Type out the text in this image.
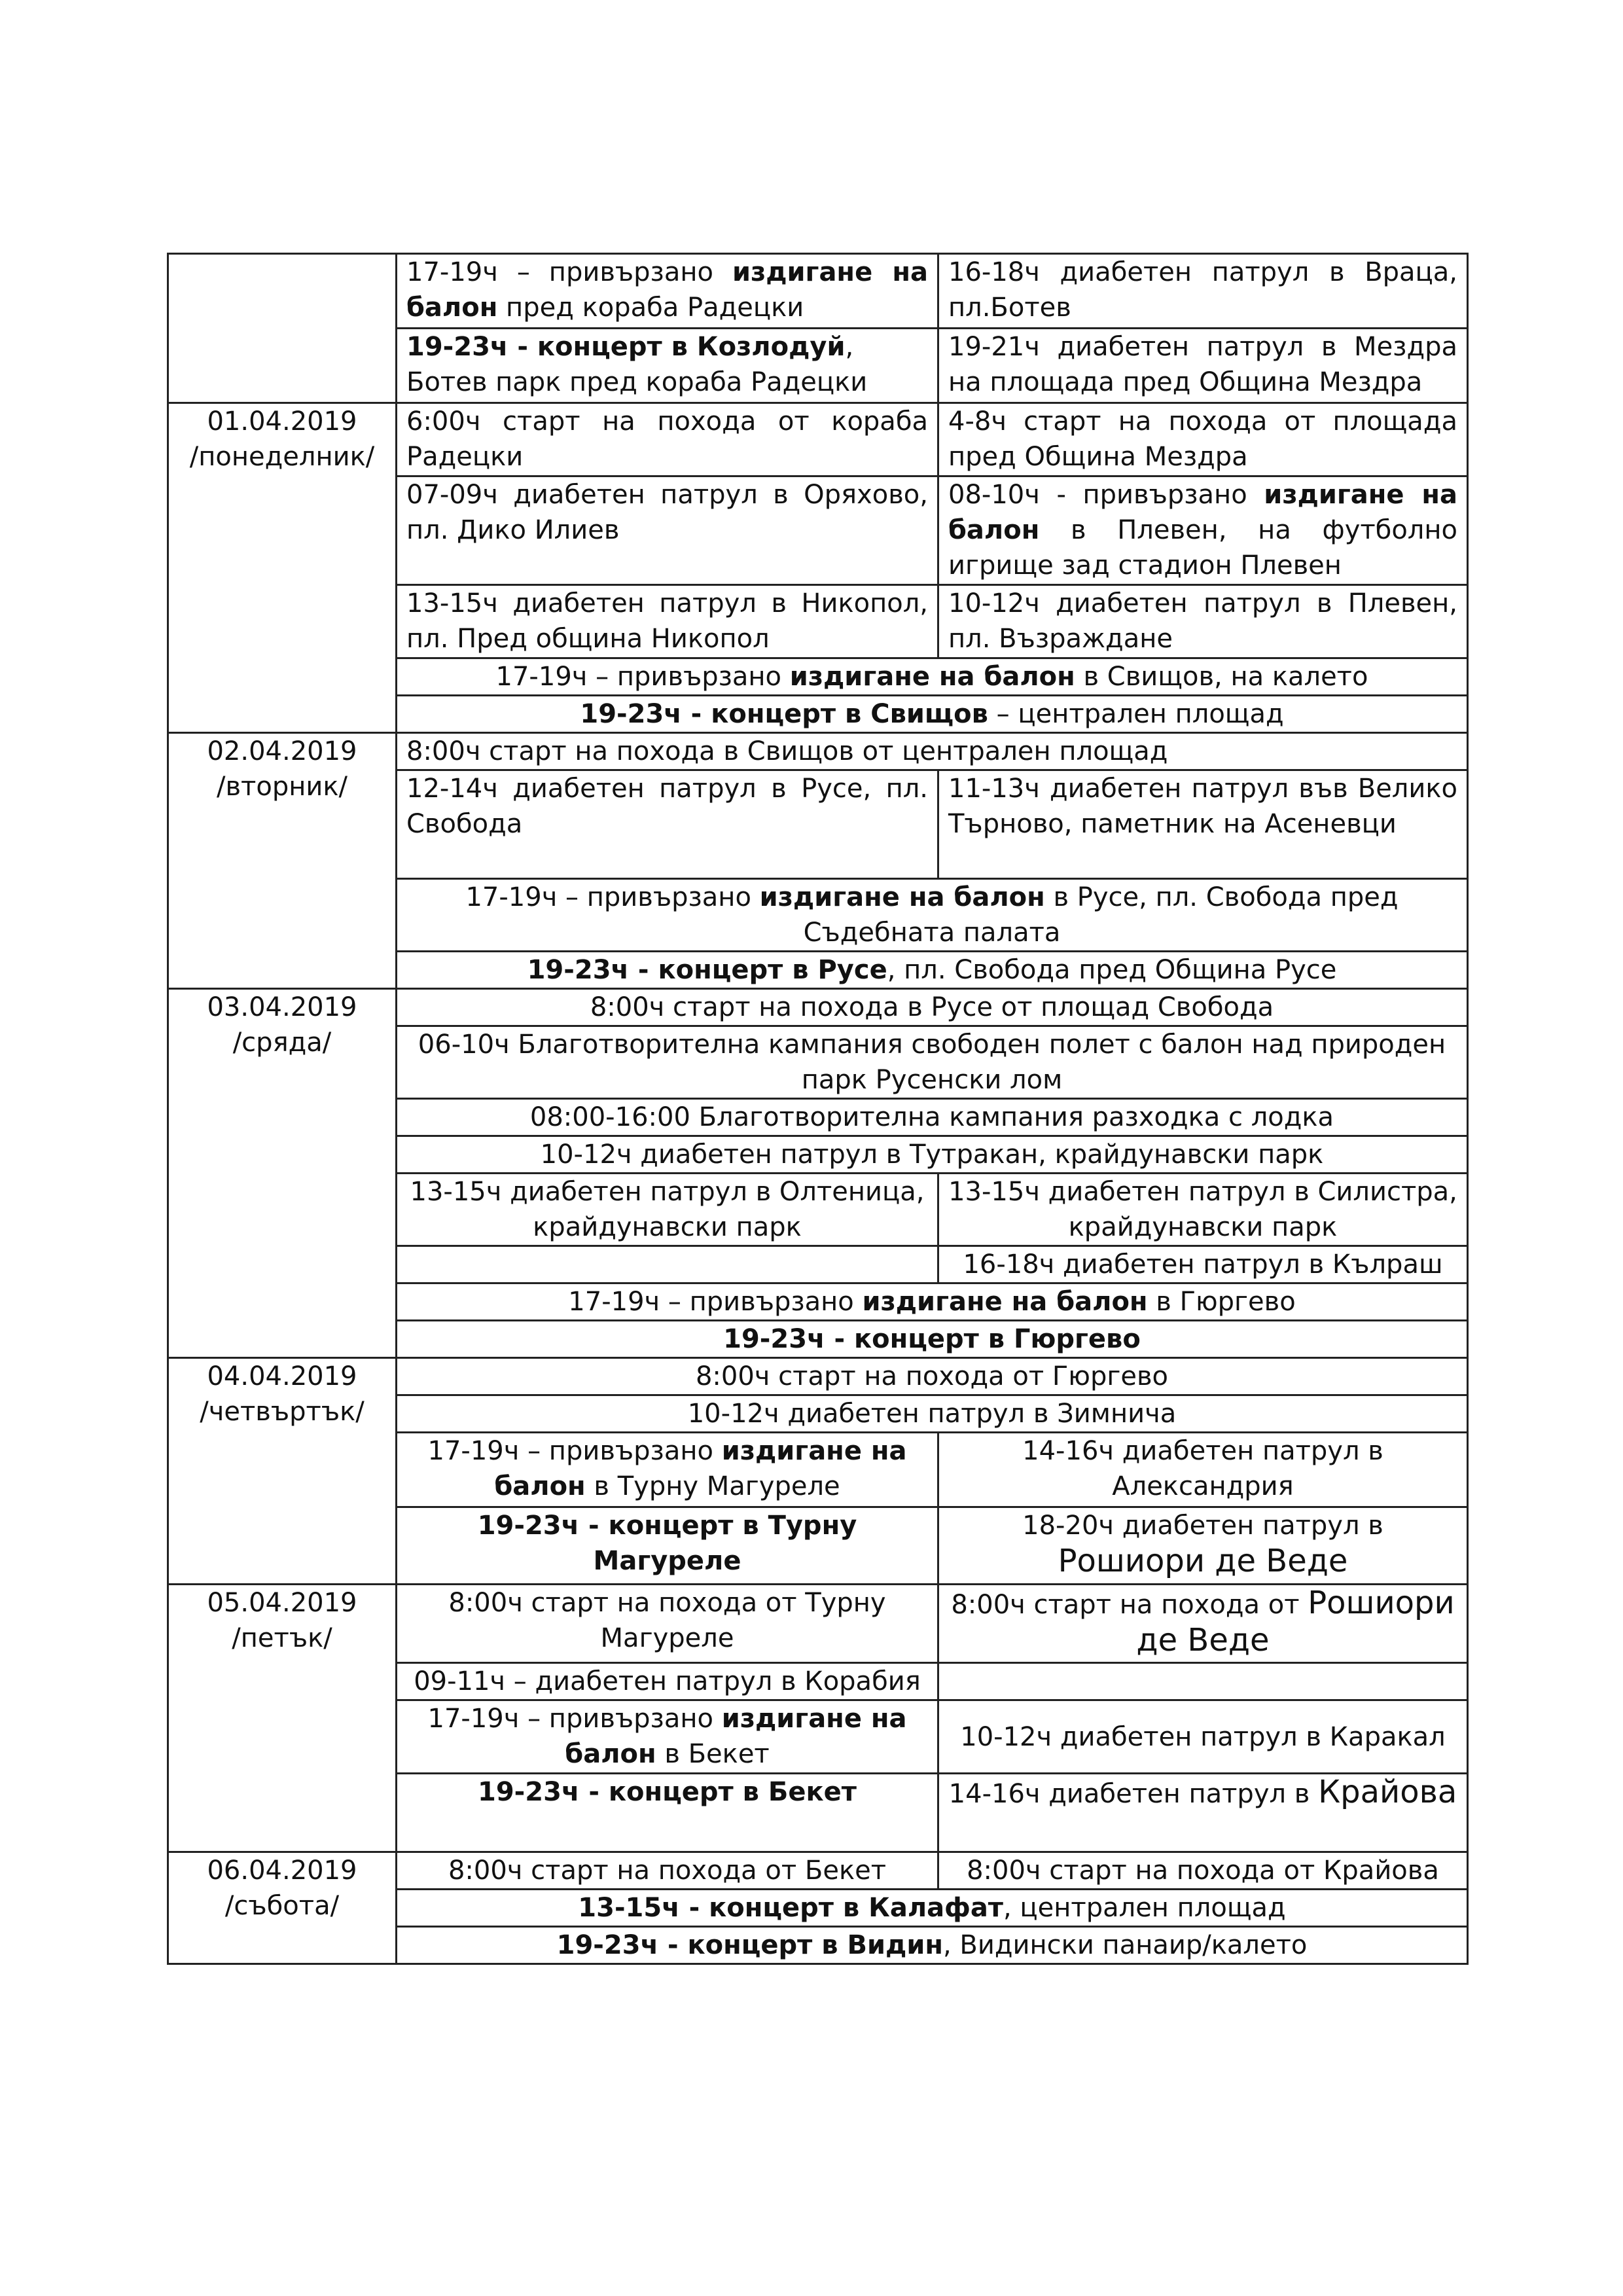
	17-19ч – привързано издигане на балон пред кораба Радецки	16-18ч диабетен патрул в Враца, пл.Ботев
	19-23ч - концерт в Козлодуй, Ботев парк пред кораба Радецки	19-21ч диабетен патрул в Мездра на площада пред Община Мездра

01.04.2019
/понеделник/	6:00ч старт на похода от кораба Радецки	4-8ч старт на похода от площада пред Община Мездра
	07-09ч диабетен патрул в Оряхово, пл. Дико Илиев	08-10ч - привързано издигане на балон в Плевен, на футболно игрище зад стадион Плевен
	13-15ч диабетен патрул в Никопол, пл. Пред община Никопол	10-12ч диабетен патрул в Плевен, пл. Възраждане
	17-19ч – привързано издигане на балон в Свищов, на калето	
	19-23ч - концерт в Свищов – централен площад	

02.04.2019
/вторник/	8:00ч старт на похода в Свищов от централен площад	
	12-14ч диабетен патрул в Русе, пл. Свобода	11-13ч диабетен патрул във Велико Търново, паметник на Асеневци
	17-19ч – привързано издигане на балон в Русе, пл. Свобода пред Съдебната палата	
	19-23ч - концерт в Русе, пл. Свобода пред Община Русе	

03.04.2019
/сряда/	8:00ч старт на похода в Русе от площад Свобода	
	06-10ч Благотворителна кампания свободен полет с балон над природен парк Русенски лом	
	08:00-16:00 Благотворителна кампания разходка с лодка	
	10-12ч диабетен патрул в Тутракан, крайдунавски парк	
	13-15ч диабетен патрул в Олтеница, крайдунавски парк	13-15ч диабетен патрул в Силистра, крайдунавски парк
		16-18ч диабетен патрул в Кълраш
	17-19ч – привързано издигане на балон в Гюргево	
	19-23ч - концерт в Гюргево	

04.04.2019
/четвъртък/	8:00ч старт на похода от Гюргево	
	10-12ч диабетен патрул в Зимнича	
	17-19ч – привързано издигане на балон в Турну Магуреле	14-16ч диабетен патрул в Александрия
	19-23ч - концерт в Турну Магуреле	18-20ч диабетен патрул в Рошиори де Веде

05.04.2019
/петък/	8:00ч старт на похода от Турну Магуреле	8:00ч старт на похода от Рошиори де Веде
	09-11ч – диабетен патрул в Корабия	
	17-19ч – привързано издигане на балон в Бекет	10-12ч диабетен патрул в Каракал
	19-23ч - концерт в Бекет	14-16ч диабетен патрул в Крайова

06.04.2019
/събота/	8:00ч старт на похода от Бекет	8:00ч старт на похода от Крайова
	13-15ч - концерт в Калафат, централен площад	
	19-23ч - концерт в Видин, Видински панаир/калето	
